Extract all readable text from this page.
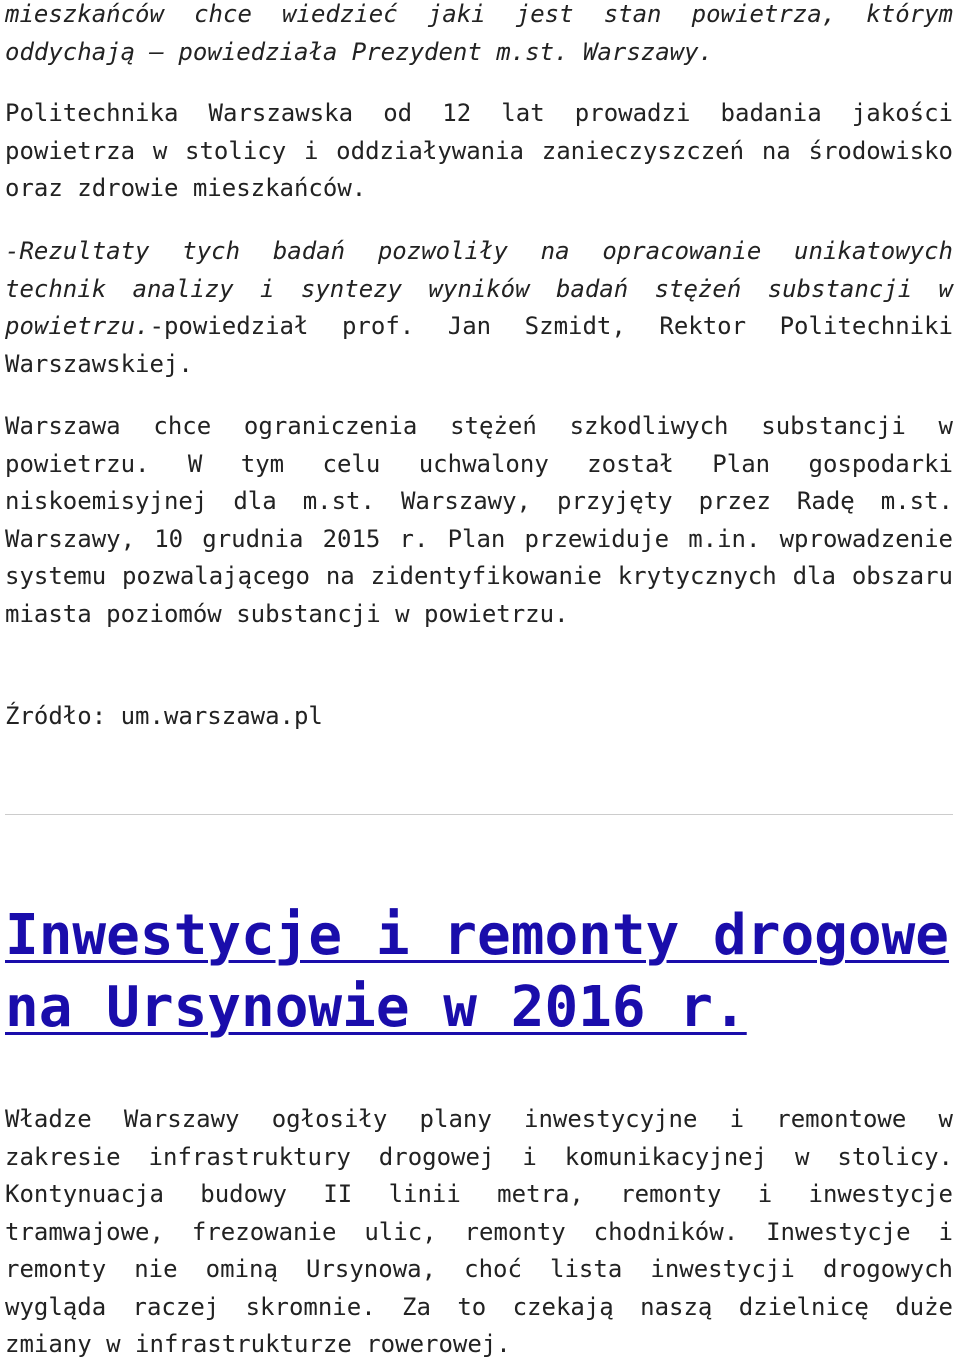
mieszkańców chce wiedzieć jaki jest stan powietrza, którym oddychają – powiedziała Prezydent m.st. Warszawy.

Politechnika Warszawska od 12 lat prowadzi badania jakości powietrza w stolicy i oddziaływania zanieczyszczeń na środowisko oraz zdrowie mieszkańców.

-Rezultaty tych badań pozwoliły na opracowanie unikatowych technik analizy i syntezy wyników badań stężeń substancji w powietrzu.-powiedział prof. Jan Szmidt, Rektor Politechniki Warszawskiej.

Warszawa chce ograniczenia stężeń szkodliwych substancji w powietrzu. W tym celu uchwalony został Plan gospodarki niskoemisyjnej dla m.st. Warszawy, przyjęty przez Radę m.st. Warszawy, 10 grudnia 2015 r. Plan przewiduje m.in. wprowadzenie systemu pozwalającego na zidentyfikowanie krytycznych dla obszaru miasta poziomów substancji w powietrzu.

Źródło: um.warszawa.pl

Inwestycje i remonty drogowe na Ursynowie w 2016 r.

Władze Warszawy ogłosiły plany inwestycyjne i remontowe w zakresie infrastruktury drogowej i komunikacyjnej w stolicy. Kontynuacja budowy II linii metra, remonty i inwestycje tramwajowe, frezowanie ulic, remonty chodników. Inwestycje i remonty nie ominą Ursynowa, choć lista inwestycji drogowych wygląda raczej skromnie. Za to czekają naszą dzielnicę duże zmiany w infrastrukturze rowerowej.
